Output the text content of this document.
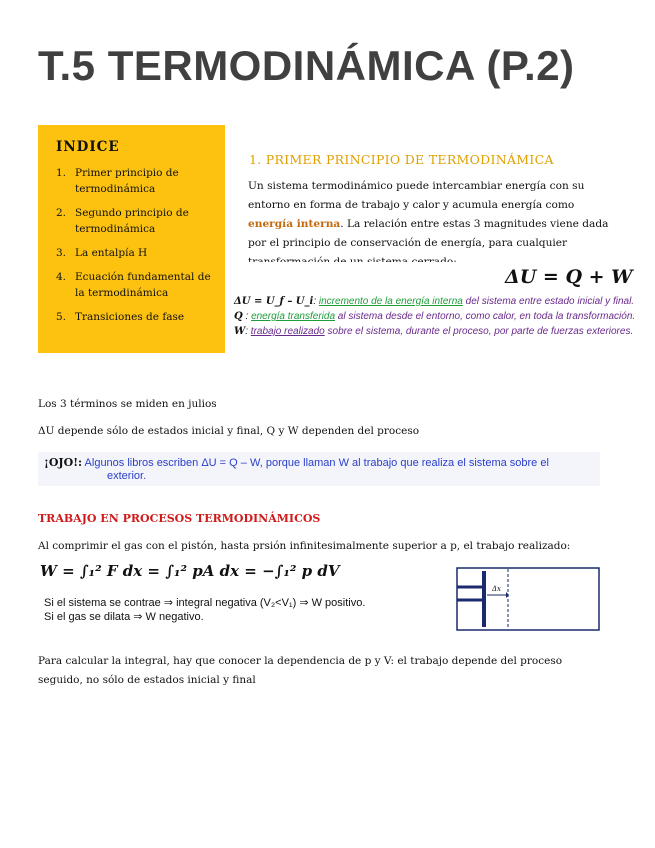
T.5 TERMODINÁMICA (P.2)
INDICE
1. Primer principio de termodinámica
2. Segundo principio de termodinámica
3. La entalpía H
4. Ecuación fundamental de la termodinámica
5. Transiciones de fase
1. PRIMER PRINCIPIO DE TERMODINÁMICA
Un sistema termodinámico puede intercambiar energía con su entorno en forma de trabajo y calor y acumula energía como energía interna. La relación entre estas 3 magnitudes viene dada por el principio de conservación de energía, para cualquier
ΔU = Q + W
ΔU = U_f – U_i: incremento de la energía interna del sistema entre estado inicial y final.
Q : energía transferida al sistema desde el entorno, como calor, en toda la transformación.
W: trabajo realizado sobre el sistema, durante el proceso, por parte de fuerzas exteriores.
Los 3 términos se miden en julios
ΔU depende sólo de estados inicial y final, Q y W dependen del proceso
¡OJO!: Algunos libros escriben ΔU = Q – W, porque llaman W al trabajo que realiza el sistema sobre el
exterior.
TRABAJO EN PROCESOS TERMODINÁMICOS
Al comprimir el gas con el pistón, hasta prsión infinitesimalmente superior a p, el trabajo realizado:
W = ∫₁² F dx = ∫₁² pA dx = −∫₁² p dV
Si el sistema se contrae ⇒ integral negativa (V₂<V₁) ⇒ W positivo.
Si el gas se dilata ⇒ W negativo.
Δx
Para calcular la integral, hay que conocer la dependencia de p y V: el trabajo depende del proceso seguido, no sólo de estados inicial y final
